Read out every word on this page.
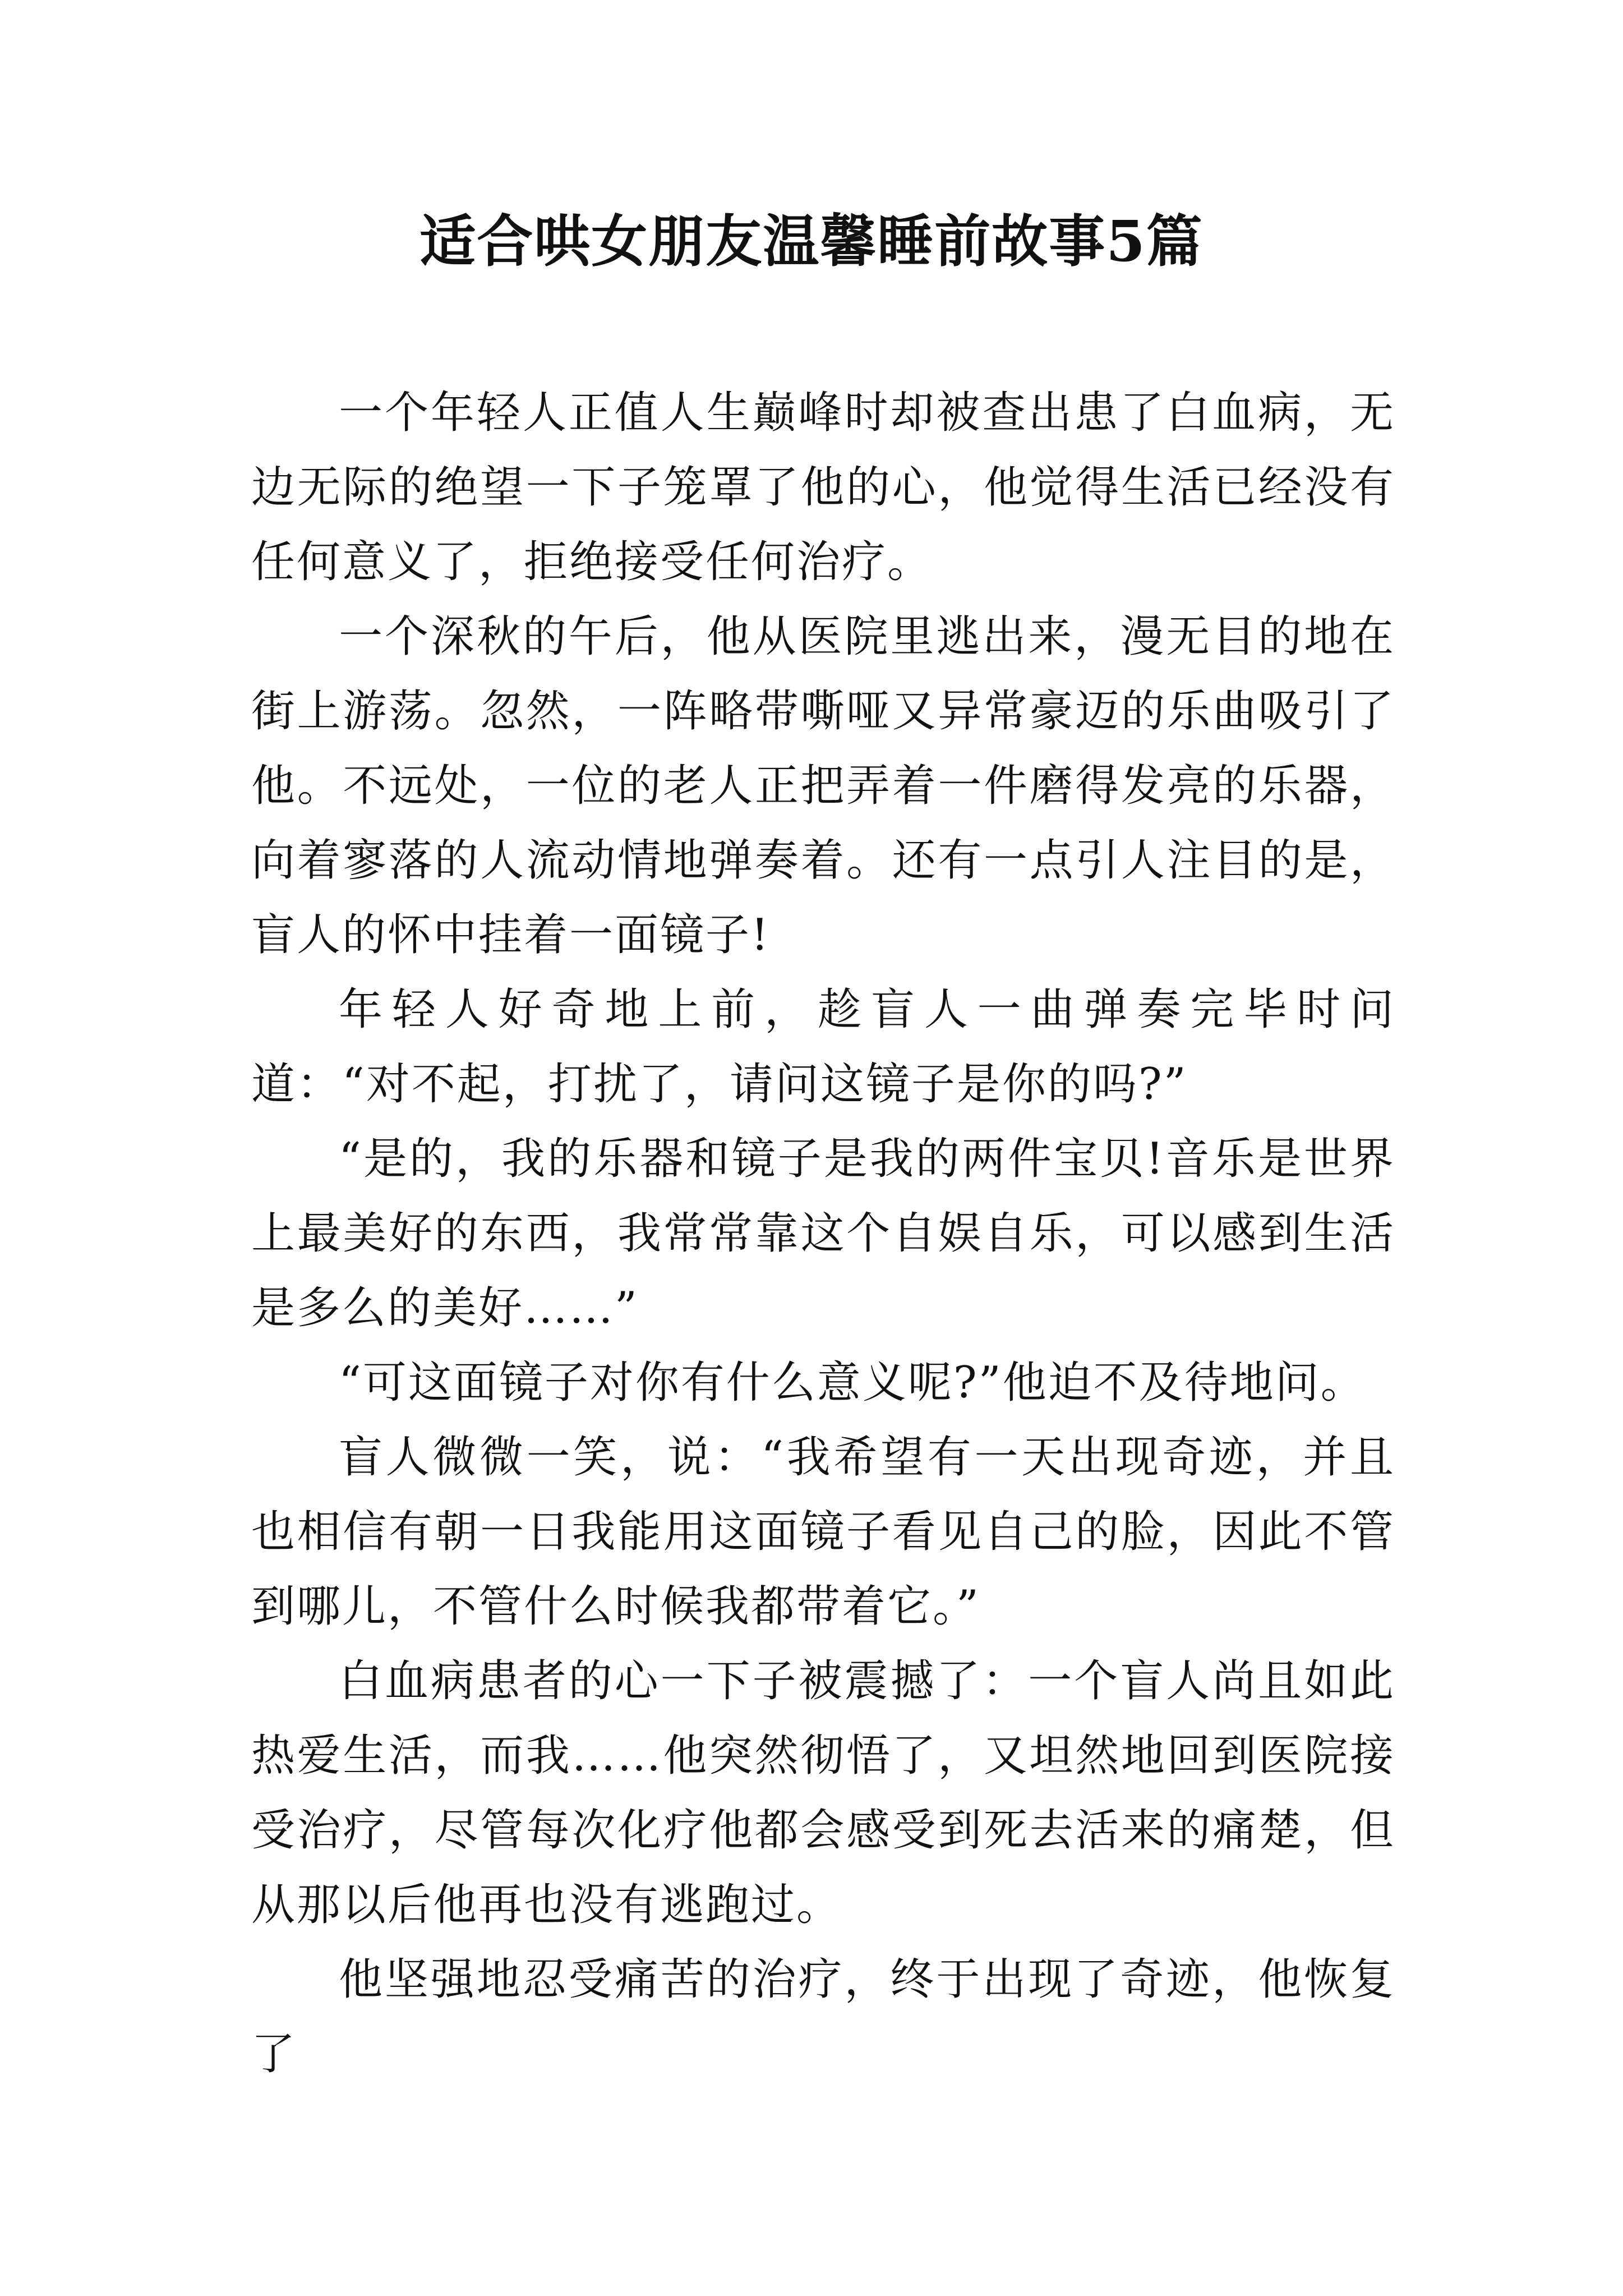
适合哄女朋友温馨睡前故事5篇

一个年轻人正值人生巅峰时却被查出患了白血病，无边无际的绝望一下子笼罩了他的心，他觉得生活已经没有任何意义了，拒绝接受任何治疗。

一个深秋的午后，他从医院里逃出来，漫无目的地在街上游荡。忽然，一阵略带嘶哑又异常豪迈的乐曲吸引了他。不远处，一位的老人正把弄着一件磨得发亮的乐器，向着寥落的人流动情地弹奏着。还有一点引人注目的是，盲人的怀中挂着一面镜子!

年轻人好奇地上前，趁盲人一曲弹奏完毕时问道：“对不起，打扰了，请问这镜子是你的吗?”

“是的，我的乐器和镜子是我的两件宝贝!音乐是世界上最美好的东西，我常常靠这个自娱自乐，可以感到生活是多么的美好……”

“可这面镜子对你有什么意义呢?”他迫不及待地问。

盲人微微一笑，说：“我希望有一天出现奇迹，并且也相信有朝一日我能用这面镜子看见自己的脸，因此不管到哪儿，不管什么时候我都带着它。”

白血病患者的心一下子被震撼了：一个盲人尚且如此热爱生活，而我……他突然彻悟了，又坦然地回到医院接受治疗，尽管每次化疗他都会感受到死去活来的痛楚，但从那以后他再也没有逃跑过。

他坚强地忍受痛苦的治疗，终于出现了奇迹，他恢复了
